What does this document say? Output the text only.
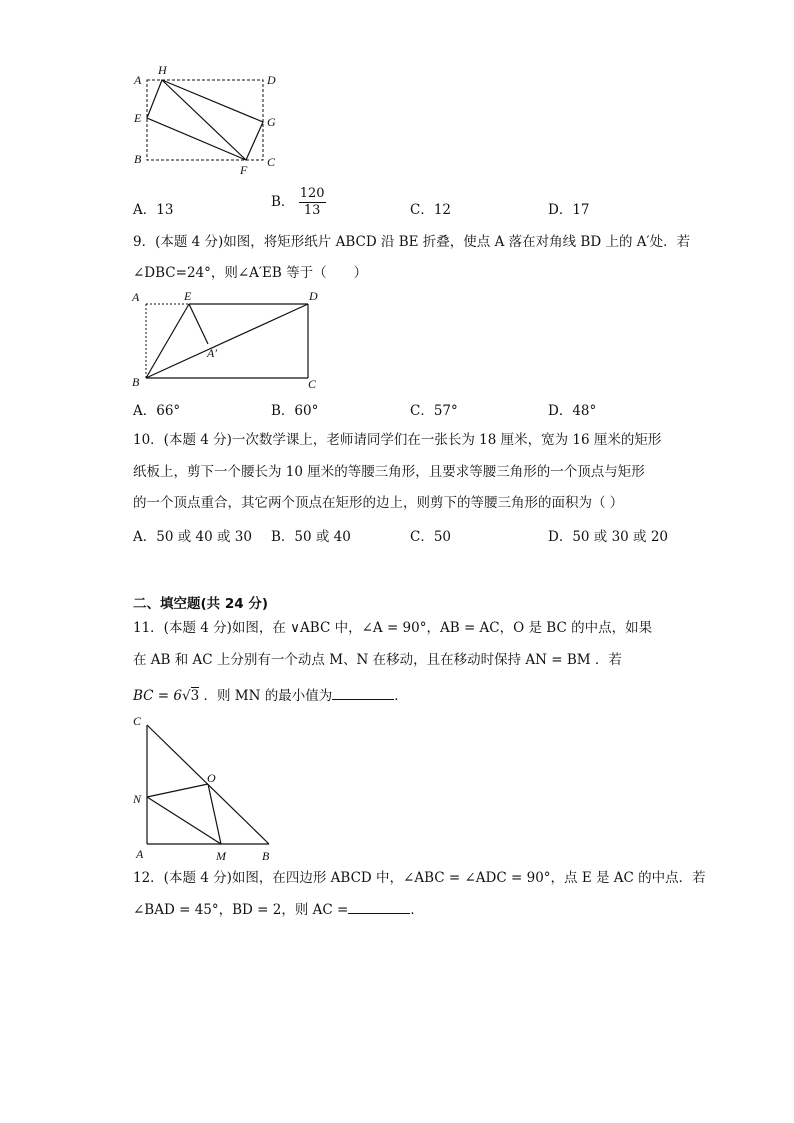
A
H
D
E	G
B	C
F
A．13	B． $\frac{120}{13}$	C．12	D．17
9．(本题 4 分)如图，将矩形纸片 ABCD 沿 BE 折叠，使点 A 落在对角线 BD 上的 A′处．若
∠DBC=24°，则∠A′EB 等于（　　）
A	E	D
A′
B	C
A．66°	B．60°	C．57°	D．48°
10．(本题 4 分)一次数学课上，老师请同学们在一张长为 18 厘米，宽为 16 厘米的矩形
纸板上，剪下一个腰长为 10 厘米的等腰三角形，且要求等腰三角形的一个顶点与矩形
的一个顶点重合，其它两个顶点在矩形的边上，则剪下的等腰三角形的面积为（ ）
A．50 或 40 或 30 B．50 或 40	C．50	D．50 或 30 或 20
二、填空题(共 24 分)
11．(本题 4 分)如图，在 ∨ABC 中，∠A = 90°，AB = AC，O 是 BC 的中点，如果
在 AB 和 AC 上分别有一个动点 M、N 在移动，且在移动时保持 AN = BM ．若
BC = 6√3 ．则 MN 的最小值为	．
C
O
N
A	M	B
12．(本题 4 分)如图，在四边形 ABCD 中，∠ABC = ∠ADC = 90°，点 E 是 AC 的中点．若
∠BAD = 45°，BD = 2，则 AC =	．
